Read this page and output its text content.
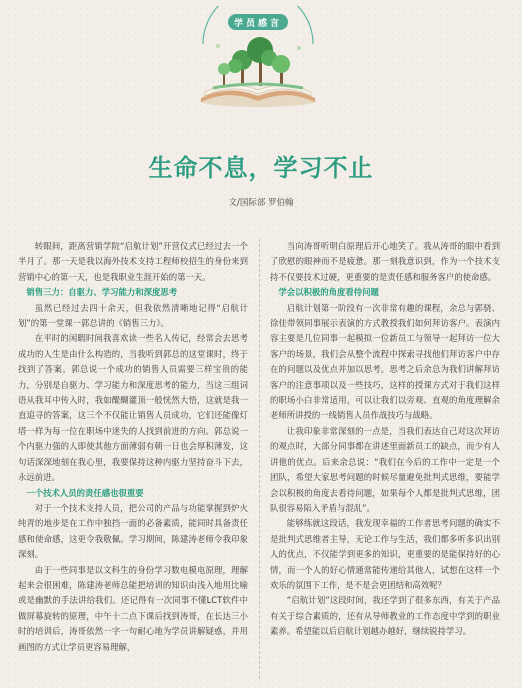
学员感言
生命不息，学习不止
文/国际部 罗伯翰

转眼间，距离营销学院“启航计划”开营仪式已经过去一个半月了。那一天是我以海外技术支持工程师校招生的身份来到营销中心的第一天，也是我职业生涯开始的第一天。

销售三力：自驱力、学习能力和深度思考

虽然已经过去四十余天，但我依然清晰地记得“启航计划”的第一堂课一郭总讲的《销售三力》。

在平时的闲暇时间我喜欢读一些名人传记，经常会去思考成功的人生是由什么构造的，当我听到郭总的这堂课时，终于找到了答案。郭总说一个成功的销售人员需要三样宝贵的能力，分别是自驱力、学习能力和深度思考的能力，当这三组词语从我耳中传入时，我如醍醐灌顶一般恍然大悟，这就是我一直追寻的答案，这三个不仅能让销售人员成功，它们还能像灯塔一样为每一位在职场中迷失的人找到前进的方向。郭总说一个内驱力强的人即使其他方面薄弱有朝一日也会厚积薄发，这句话深深地刻在我心里，我要保持这种内驱力坚持奋斗下去，永远前进。

一个技术人员的责任感也很重要

对于一个技术支持人员，把公司的产品与功能掌握到炉火纯青的地步是在工作中独挡一面的必备素质，能同时具备责任感和使命感，这更令我敬佩。学习期间，陈建涛老师令我印象深刻。

由于一些同事是以文科生的身份学习数电模电原理，理解起来会很困难，陈建涛老师总能把培训的知识由浅入地用比喻或是幽默的手法讲给我们。还记得有一次同事不懂LCT软件中做屏幕旋转的原理，中午十二点下课后找到涛哥，在长达三小时的培训后，涛哥依然一字一句耐心地为学员讲解疑惑，并用画图的方式让学员更容易理解，

当向涛哥听明白原理后开心地笑了。我从涛哥的眼中看到了欣慰的眼神而不是疲惫。那一刻我意识到，作为一个技术支持不仅要技术过硬，更重要的是责任感和服务客户的使命感。

学会以积极的角度看待问题

启航计划第一阶段有一次非常有趣的课程，余总与郭骁、徐佳带领同事展示表演的方式教授我们如何拜访客户。表演内容主要是几位同事一起模拟一位新员工与领导一起拜访一位大客户的场景，我们会从整个流程中探索寻找他们拜访客户中存在的问题以及优点并加以思考。思考之后余总为我们讲解拜访客户的注意事项以及一些技巧，这样的授课方式对于我们这样的职场小白非常适用，可以让我们以旁观、直观的角度理解余老师所讲授的一线销售人员作战技巧与战略。

让我印象非常深刻的一点是，当我们表达自己对这次拜访的观点时，大部分同事都在讲述里面新员工的缺点，而少有人讲他的优点。后来余总说：“我们在今后的工作中一定是一个团队，希望大家思考问题的时候尽量避免批判式思维，要能学会以积极的角度去看待问题，如果每个人都是批判式思维，团队很容易陷入矛盾与混乱”。

能够练就这段话，我发现幸福的工作者思考问题的确实不是批判式思维者主导，无论工作与生活，我们都多听多识出别人的优点，不仅能学到更多的知识，更重要的是能保持好的心情，而一个人的好心情通常能传递给其他人，试想在这样一个欢乐的氛围下工作，是不是会更团结和高效呢？

“启航计划”这段时间，我还学到了很多东西，有关于产品有关于综合素质的，还有从导师教业的工作态度中学到的职业素养。希望能以后启航计划越办越好，继续锐持学习。
